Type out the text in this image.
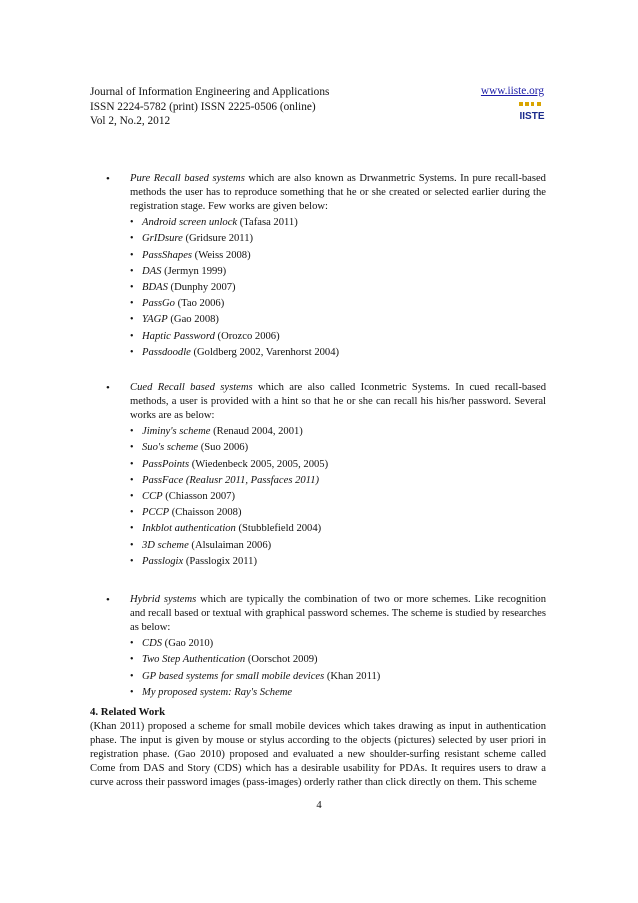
Journal of Information Engineering and Applications
ISSN 2224-5782 (print) ISSN 2225-0506 (online)
Vol 2, No.2, 2012
www.iiste.org
IISTE
•	Pure Recall based systems which are also known as Drwanmetric Systems. In pure recall-based methods the user has to reproduce something that he or she created or selected earlier during the registration stage. Few works are given below:
• Android screen unlock (Tafasa 2011)
• GrIDsure (Gridsure 2011)
• PassShapes (Weiss 2008)
• DAS (Jermyn 1999)
• BDAS (Dunphy 2007)
• PassGo (Tao 2006)
• YAGP (Gao 2008)
• Haptic Password (Orozco 2006)
• Passdoodle (Goldberg 2002, Varenhorst 2004)
•	Cued Recall based systems which are also called Iconmetric Systems. In cued recall-based methods, a user is provided with a hint so that he or she can recall his his/her password. Several works are as below:
• Jiminy's scheme (Renaud 2004, 2001)
• Suo's scheme (Suo 2006)
• PassPoints (Wiedenbeck 2005, 2005, 2005)
• PassFace (Realusr 2011, Passfaces 2011)
• CCP (Chiasson 2007)
• PCCP (Chaisson 2008)
• Inkblot authentication (Stubblefield 2004)
• 3D scheme (Alsulaiman 2006)
• Passlogix (Passlogix 2011)
•	Hybrid systems which are typically the combination of two or more schemes. Like recognition and recall based or textual with graphical password schemes. The scheme is studied by researches as below:
• CDS (Gao 2010)
• Two Step Authentication (Oorschot 2009)
• GP based systems for small mobile devices (Khan 2011)
• My proposed system: Ray's Scheme
4. Related Work
(Khan 2011) proposed a scheme for small mobile devices which takes drawing as input in authentication phase. The input is given by mouse or stylus according to the objects (pictures) selected by user priori in registration phase. (Gao 2010) proposed and evaluated a new shoulder-surfing resistant scheme called Come from DAS and Story (CDS) which has a desirable usability for PDAs. It requires users to draw a curve across their password images (pass-images) orderly rather than click directly on them. This scheme
4
